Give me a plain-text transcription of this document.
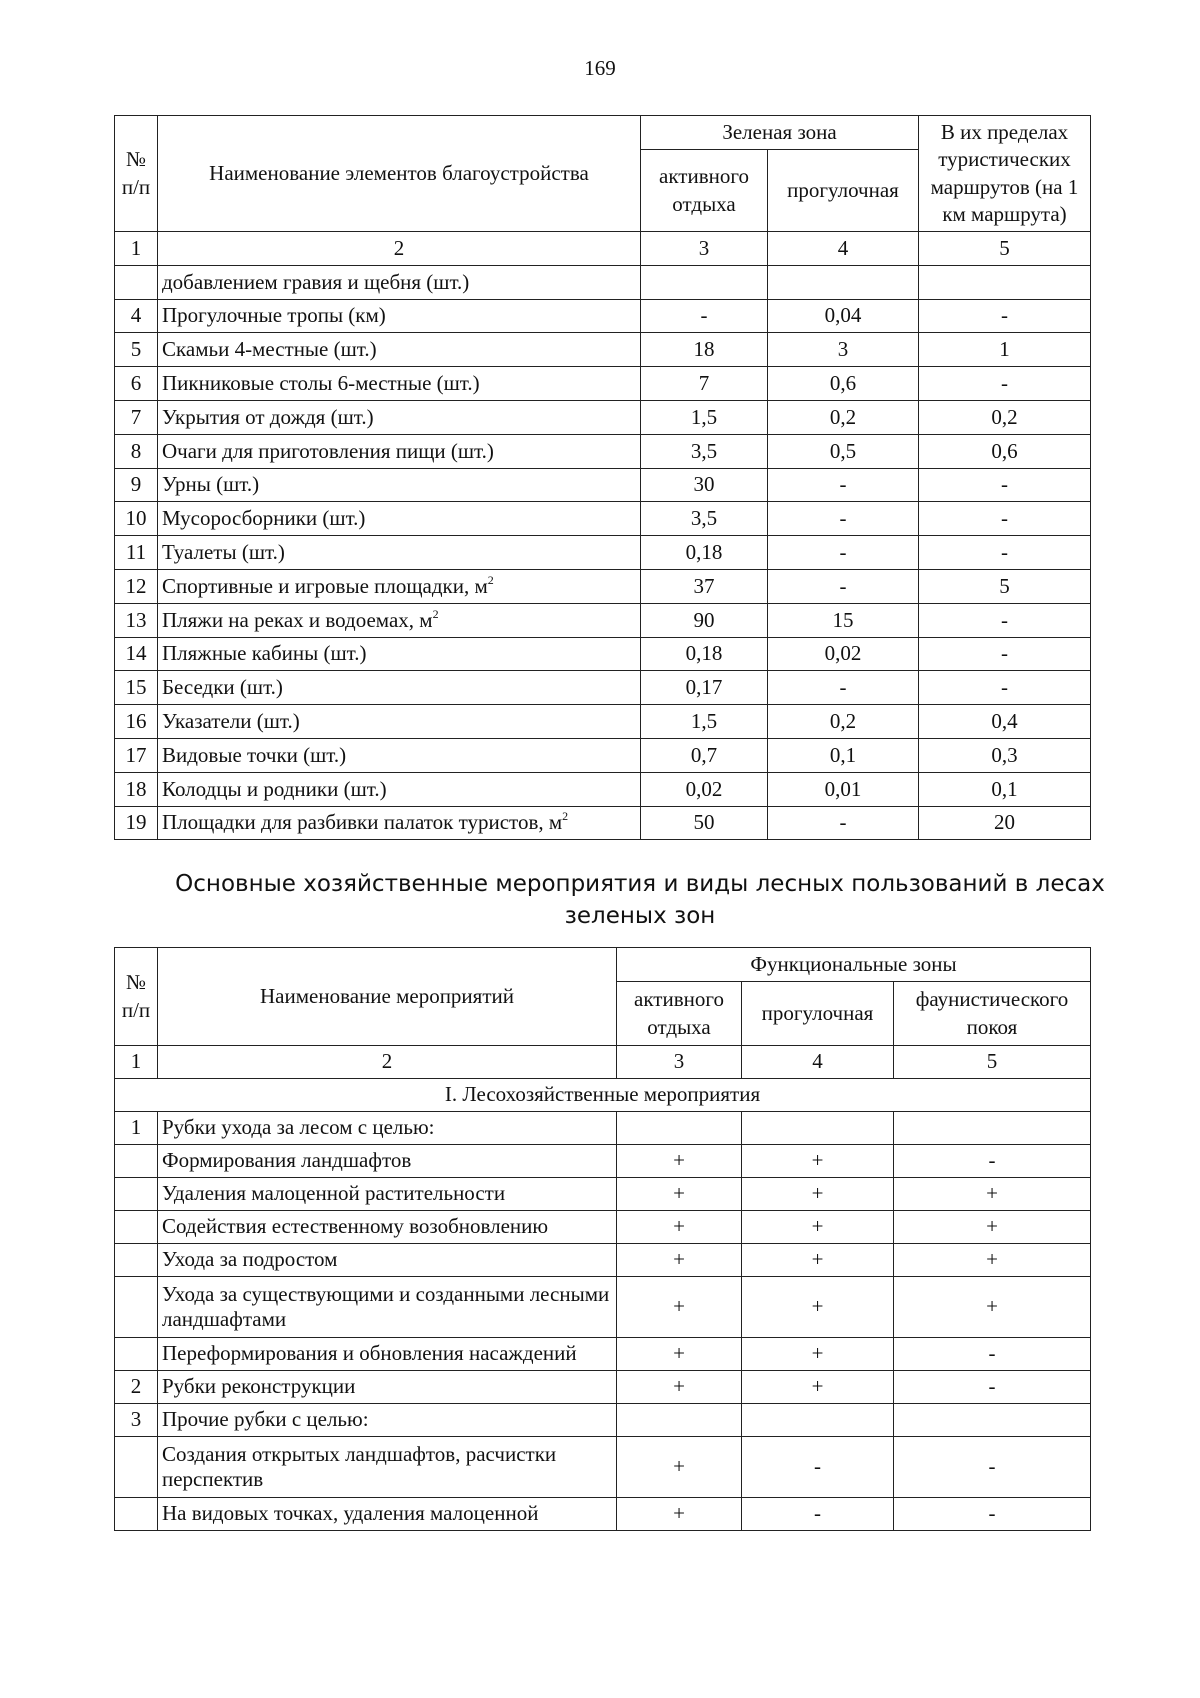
169
№ п/п	Наименование элементов благоустройства	Зеленая зона		В их пределах туристических маршрутов (на 1 км маршрута)
		активного отдыха	прогулочная	
1	2	3	4	5
	добавлением гравия и щебня (шт.)			
4	Прогулочные тропы (км)	-	0,04	-
5	Скамьи 4-местные (шт.)	18	3	1
6	Пикниковые столы 6-местные (шт.)	7	0,6	-
7	Укрытия от дождя (шт.)	1,5	0,2	0,2
8	Очаги для приготовления пищи (шт.)	3,5	0,5	0,6
9	Урны (шт.)	30	-	-
10	Мусоросборники (шт.)	3,5	-	-
11	Туалеты (шт.)	0,18	-	-
12	Спортивные и игровые площадки, $м^2$	37	-	5
13	Пляжи на реках и водоемах, $м^2$	90	15	-
14	Пляжные кабины (шт.)	0,18	0,02	-
15	Беседки (шт.)	0,17	-	-
16	Указатели (шт.)	1,5	0,2	0,4
17	Видовые точки (шт.)	0,7	0,1	0,3
18	Колодцы и родники (шт.)	0,02	0,01	0,1
19	Площадки для разбивки палаток туристов, $м^2$	50	-	20
Основные хозяйственные мероприятия и виды лесных пользований в лесах зеленых зон
№ п/п	Наименование мероприятий	Функциональные зоны		
		активного отдыха	прогулочная	фаунистического покоя
1	2	3	4	5
I. Лесохозяйственные мероприятия				
1	Рубки ухода за лесом с целью:			
	Формирования ландшафтов	+	+	-
	Удаления малоценной растительности	+	+	+
	Содействия естественному возобновлению	+	+	+
	Ухода за подростом	+	+	+
	Ухода за существующими и созданными лесными ландшафтами	+	+	+
	Переформирования и обновления насаждений	+	+	-
2	Рубки реконструкции	+	+	-
3	Прочие рубки с целью:			
	Создания открытых ландшафтов, расчистки перспектив	+	-	-
	На видовых точках, удаления малоценной	+	-	-
